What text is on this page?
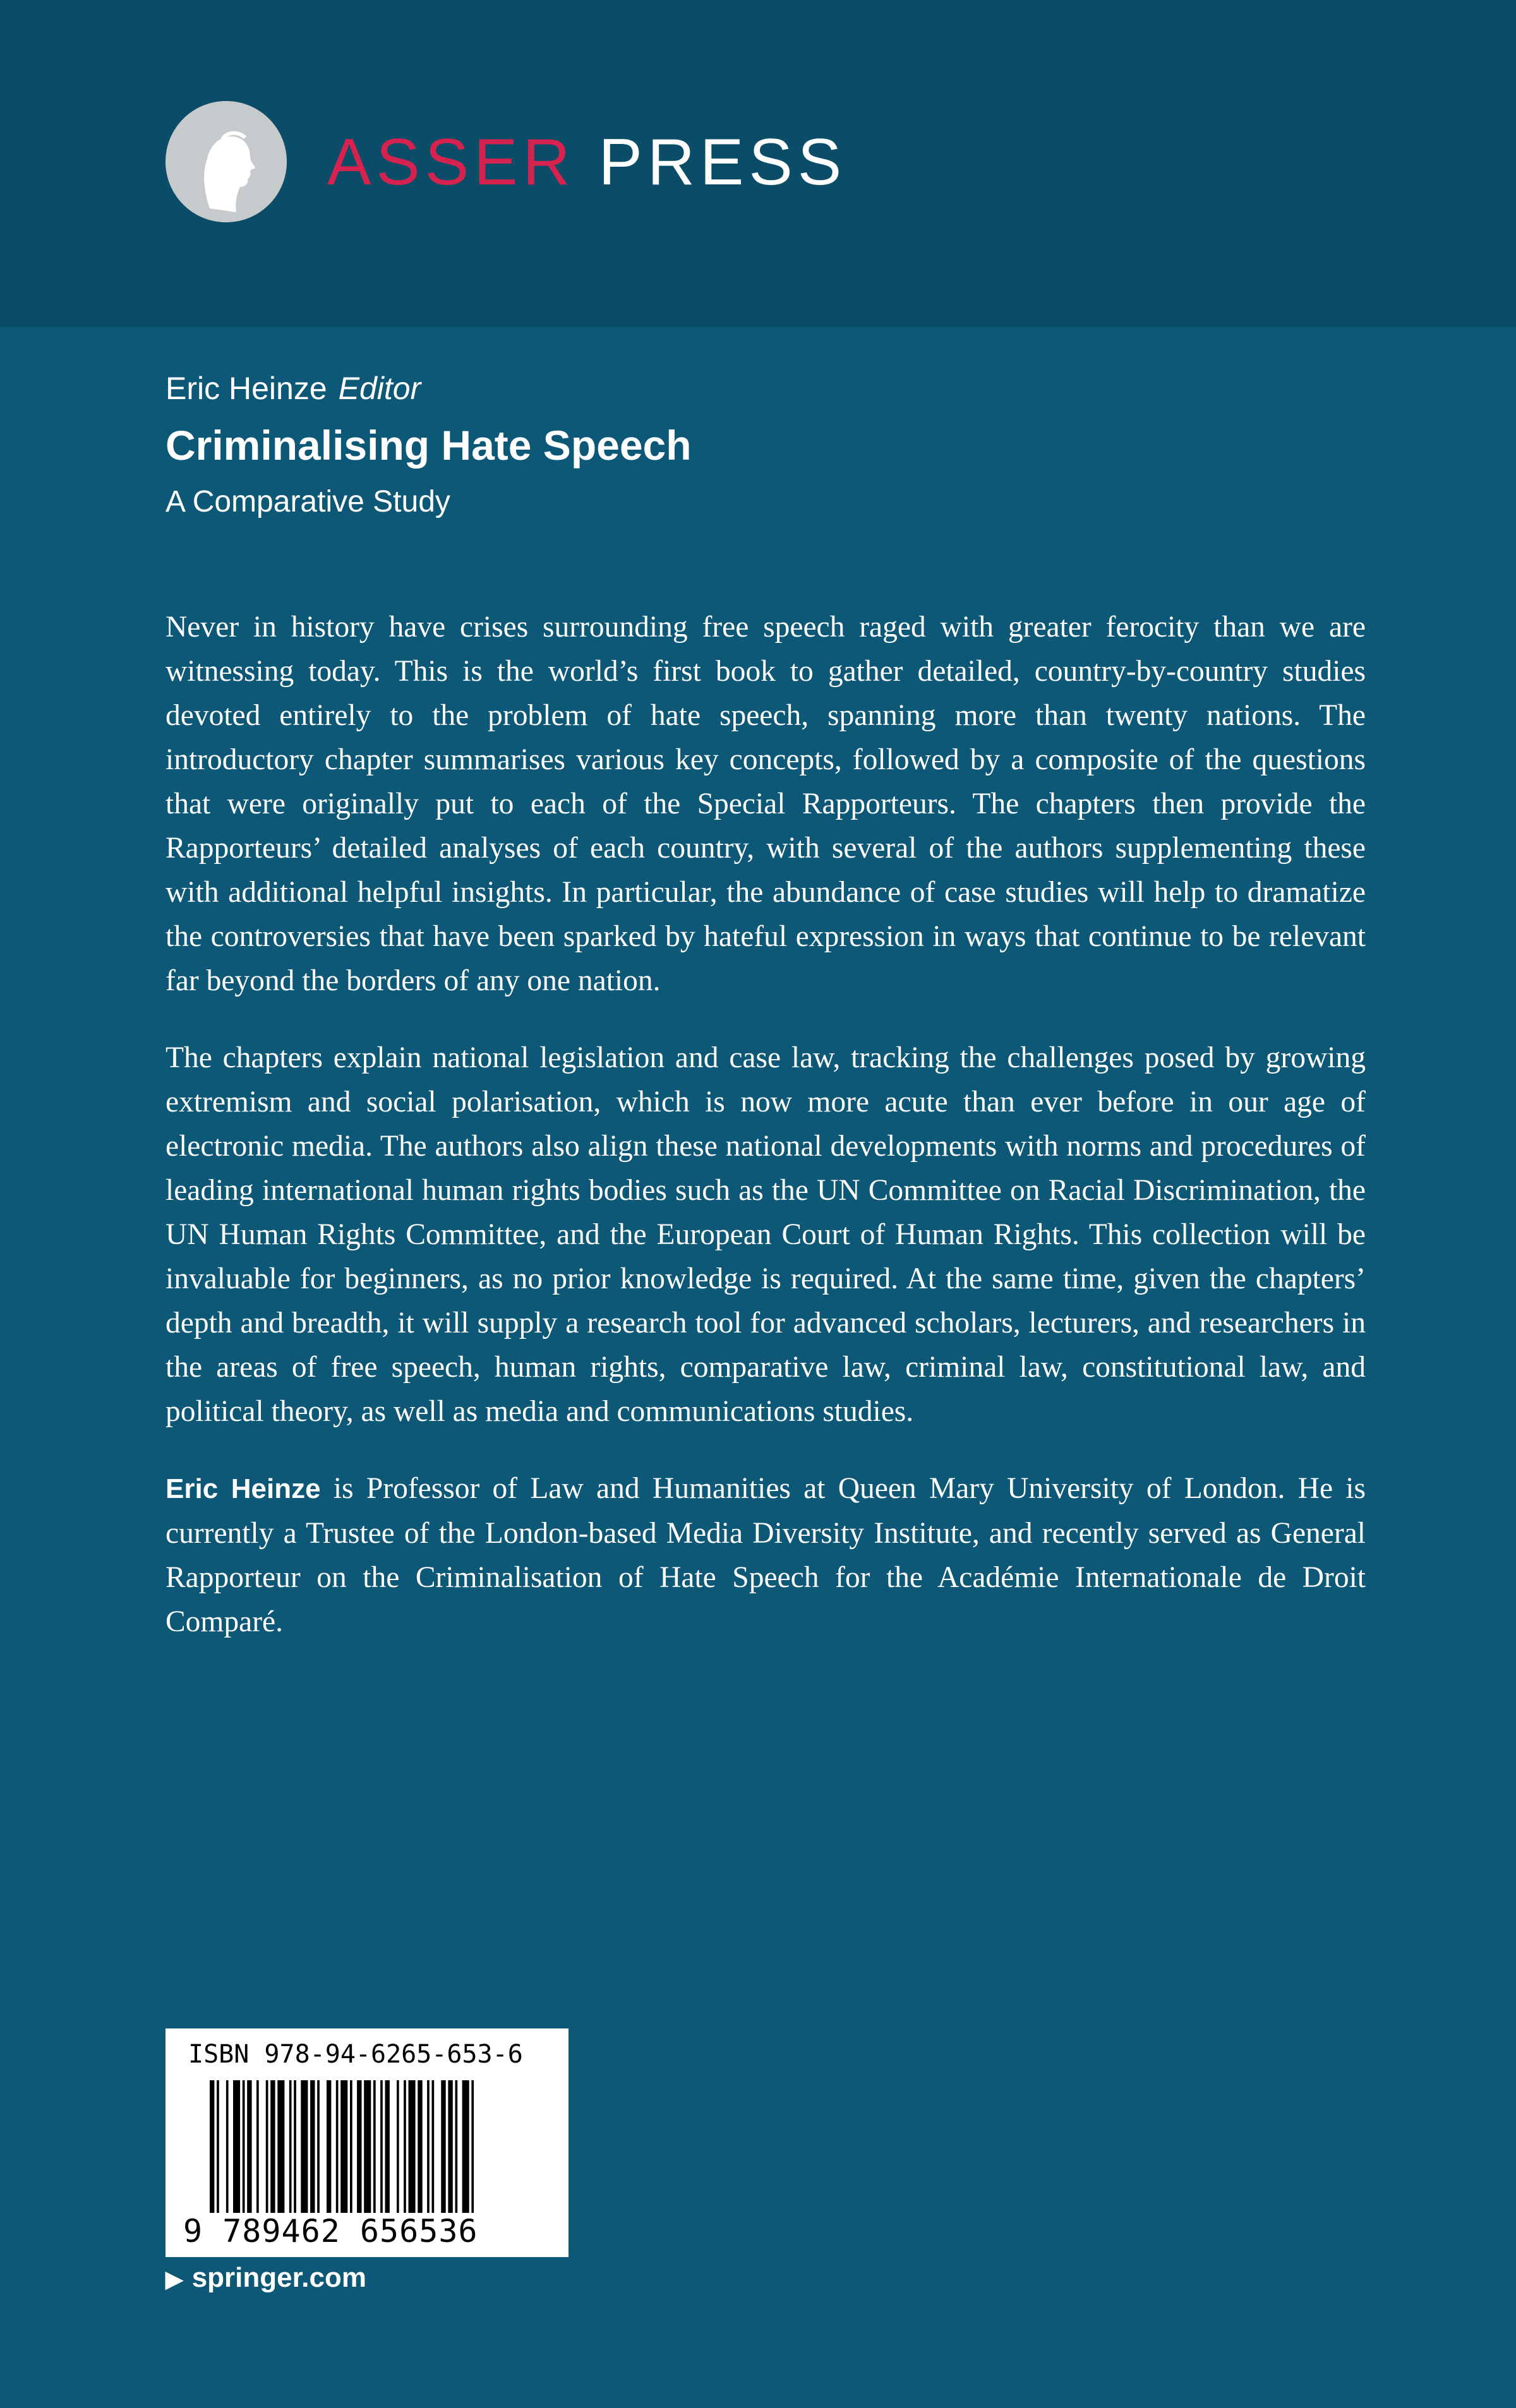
ASSER PRESS
Eric Heinze Editor
Criminalising Hate Speech
A Comparative Study

Never in history have crises surrounding free speech raged with greater ferocity than we are witnessing today. This is the world’s first book to gather detailed, country-by-country studies devoted entirely to the problem of hate speech, spanning more than twenty nations. The introductory chapter summarises various key concepts, followed by a composite of the questions that were originally put to each of the Special Rapporteurs. The chapters then provide the Rapporteurs’ detailed analyses of each country, with several of the authors supplementing these with additional helpful insights. In particular, the abundance of case studies will help to dramatize the controversies that have been sparked by hateful expression in ways that continue to be relevant far beyond the borders of any one nation.

The chapters explain national legislation and case law, tracking the challenges posed by growing extremism and social polarisation, which is now more acute than ever before in our age of electronic media. The authors also align these national developments with norms and procedures of leading international human rights bodies such as the UN Committee on Racial Discrimination, the UN Human Rights Committee, and the European Court of Human Rights. This collection will be invaluable for beginners, as no prior knowledge is required. At the same time, given the chapters’ depth and breadth, it will supply a research tool for advanced scholars, lecturers, and researchers in the areas of free speech, human rights, comparative law, criminal law, constitutional law, and political theory, as well as media and communications studies.

Eric Heinze is Professor of Law and Humanities at Queen Mary University of London. He is currently a Trustee of the London-based Media Diversity Institute, and recently served as General Rapporteur on the Criminalisation of Hate Speech for the Académie Internationale de Droit Comparé.

ISBN 978-94-6265-653-6
9 789462 656536
▶ springer.com
